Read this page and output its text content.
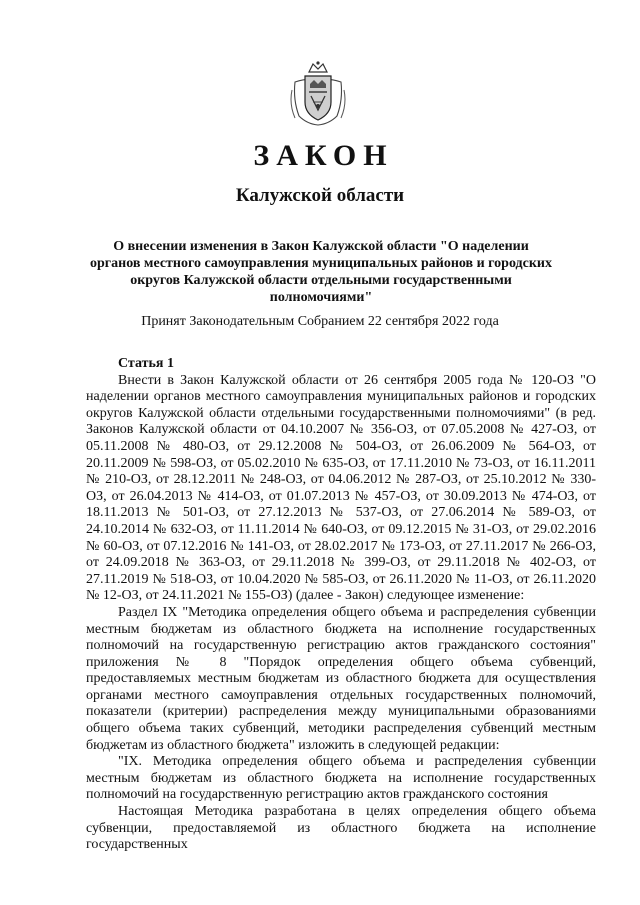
ЗАКОН
Калужской области
О внесении изменения в Закон Калужской области "О наделении органов местного самоуправления муниципальных районов и городских округов Калужской области отдельными государственными полномочиями"
Принят Законодательным Собранием 22 сентября 2022 года

Статья 1

Внести в Закон Калужской области от 26 сентября 2005 года № 120-ОЗ "О наделении органов местного самоуправления муниципальных районов и городских округов Калужской области отдельными государственными полномочиями" (в ред. Законов Калужской области от 04.10.2007 № 356-ОЗ, от 07.05.2008 № 427-ОЗ, от 05.11.2008 № 480-ОЗ, от 29.12.2008 № 504-ОЗ, от 26.06.2009 № 564-ОЗ, от 20.11.2009 № 598-ОЗ, от 05.02.2010 № 635-ОЗ, от 17.11.2010 № 73-ОЗ, от 16.11.2011 № 210-ОЗ, от 28.12.2011 № 248-ОЗ, от 04.06.2012 № 287-ОЗ, от 25.10.2012 № 330-ОЗ, от 26.04.2013 № 414-ОЗ, от 01.07.2013 № 457-ОЗ, от 30.09.2013 № 474-ОЗ, от 18.11.2013 № 501-ОЗ, от 27.12.2013 № 537-ОЗ, от 27.06.2014 № 589-ОЗ, от 24.10.2014 № 632-ОЗ, от 11.11.2014 № 640-ОЗ, от 09.12.2015 № 31-ОЗ, от 29.02.2016 № 60-ОЗ, от 07.12.2016 № 141-ОЗ, от 28.02.2017 № 173-ОЗ, от 27.11.2017 № 266-ОЗ, от 24.09.2018 № 363-ОЗ, от 29.11.2018 № 399-ОЗ, от 29.11.2018 № 402-ОЗ, от 27.11.2019 № 518-ОЗ, от 10.04.2020 № 585-ОЗ, от 26.11.2020 № 11-ОЗ, от 26.11.2020 № 12-ОЗ, от 24.11.2021 № 155-ОЗ) (далее - Закон) следующее изменение:

Раздел IX "Методика определения общего объема и распределения субвенции местным бюджетам из областного бюджета на исполнение государственных полномочий на государственную регистрацию актов гражданского состояния" приложения № 8 "Порядок определения общего объема субвенций, предоставляемых местным бюджетам из областного бюджета для осуществления органами местного самоуправления отдельных государственных полномочий, показатели (критерии) распределения между муниципальными образованиями общего объема таких субвенций, методики распределения субвенций местным бюджетам из областного бюджета" изложить в следующей редакции:

"IX. Методика определения общего объема и распределения субвенции местным бюджетам из областного бюджета на исполнение государственных полномочий на государственную регистрацию актов гражданского состояния

Настоящая Методика разработана в целях определения общего объема субвенции, предоставляемой из областного бюджета на исполнение государственных
